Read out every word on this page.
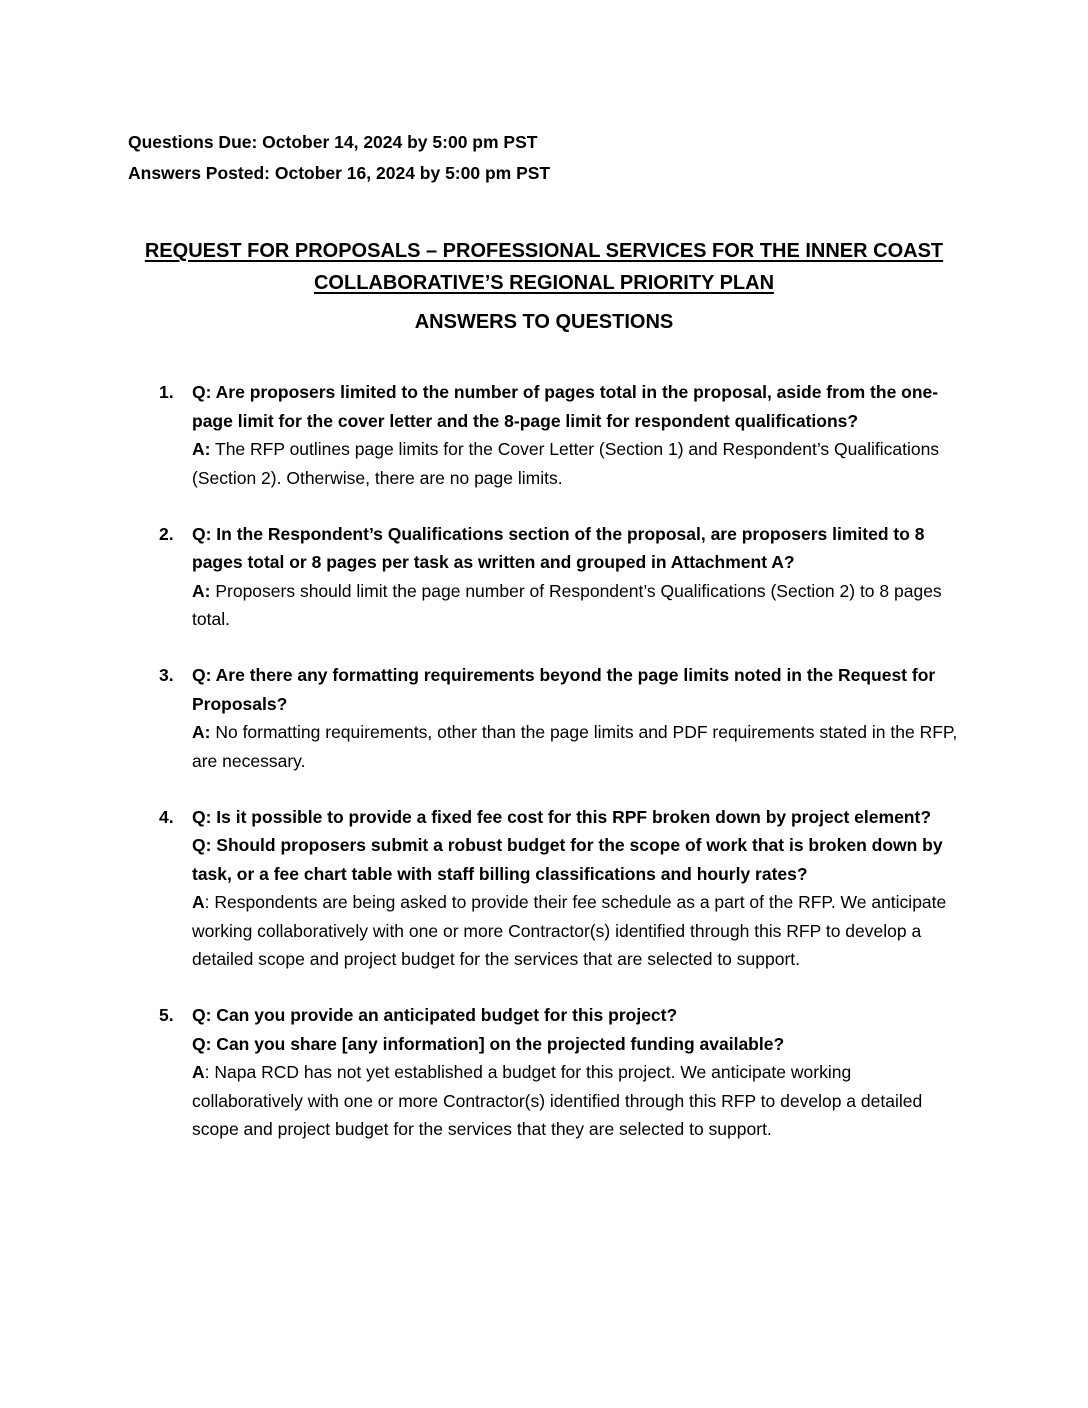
Questions Due: October 14, 2024 by 5:00 pm PST
Answers Posted: October 16, 2024 by 5:00 pm PST
REQUEST FOR PROPOSALS – PROFESSIONAL SERVICES FOR THE INNER COAST
COLLABORATIVE’S REGIONAL PRIORITY PLAN
ANSWERS TO QUESTIONS
1. Q: Are proposers limited to the number of pages total in the proposal, aside from the one-page limit for the cover letter and the 8-page limit for respondent qualifications?
A: The RFP outlines page limits for the Cover Letter (Section 1) and Respondent’s Qualifications (Section 2). Otherwise, there are no page limits.
2. Q: In the Respondent’s Qualifications section of the proposal, are proposers limited to 8 pages total or 8 pages per task as written and grouped in Attachment A?
A: Proposers should limit the page number of Respondent’s Qualifications (Section 2) to 8 pages total.
3. Q: Are there any formatting requirements beyond the page limits noted in the Request for Proposals?
A: No formatting requirements, other than the page limits and PDF requirements stated in the RFP, are necessary.
4. Q: Is it possible to provide a fixed fee cost for this RPF broken down by project element?
Q: Should proposers submit a robust budget for the scope of work that is broken down by task, or a fee chart table with staff billing classifications and hourly rates?
A: Respondents are being asked to provide their fee schedule as a part of the RFP. We anticipate working collaboratively with one or more Contractor(s) identified through this RFP to develop a detailed scope and project budget for the services that are selected to support.
5. Q: Can you provide an anticipated budget for this project?
Q: Can you share [any information] on the projected funding available?
A: Napa RCD has not yet established a budget for this project. We anticipate working collaboratively with one or more Contractor(s) identified through this RFP to develop a detailed scope and project budget for the services that they are selected to support.
